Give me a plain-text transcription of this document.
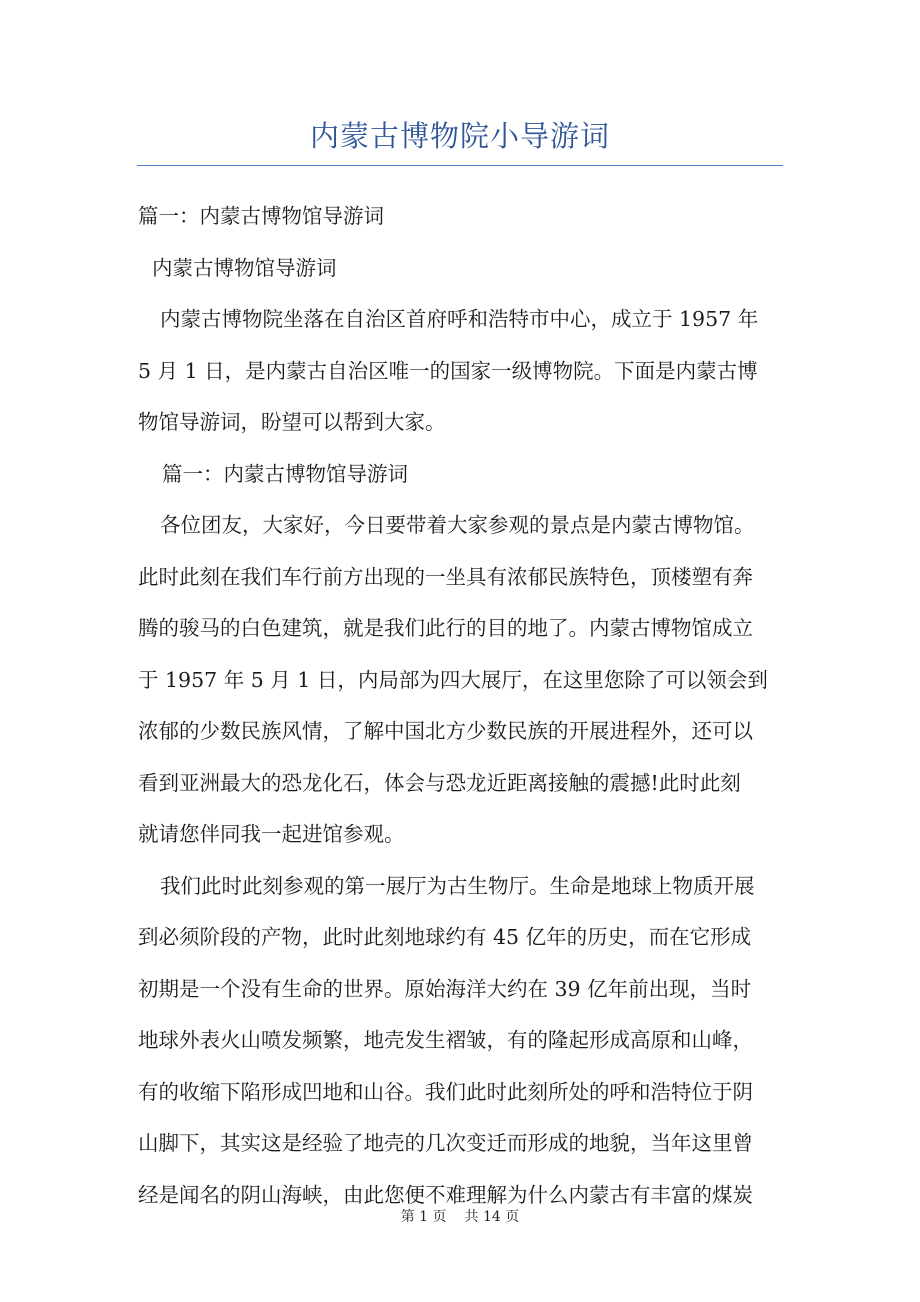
内蒙古博物院小导游词
篇一：内蒙古博物馆导游词
内蒙古博物馆导游词
内蒙古博物院坐落在自治区首府呼和浩特市中心，成立于 1957 年
5 月 1 日，是内蒙古自治区唯一的国家一级博物院。下面是内蒙古博
物馆导游词，盼望可以帮到大家。
篇一：内蒙古博物馆导游词
各位团友，大家好，今日要带着大家参观的景点是内蒙古博物馆。
此时此刻在我们车行前方出现的一坐具有浓郁民族特色，顶楼塑有奔
腾的骏马的白色建筑，就是我们此行的目的地了。内蒙古博物馆成立
于 1957 年 5 月 1 日，内局部为四大展厅，在这里您除了可以领会到
浓郁的少数民族风情，了解中国北方少数民族的开展进程外，还可以
看到亚洲最大的恐龙化石，体会与恐龙近距离接触的震撼!此时此刻
就请您伴同我一起进馆参观。
我们此时此刻参观的第一展厅为古生物厅。生命是地球上物质开展
到必须阶段的产物，此时此刻地球约有 45 亿年的历史，而在它形成
初期是一个没有生命的世界。原始海洋大约在 39 亿年前出现，当时
地球外表火山喷发频繁，地壳发生褶皱，有的隆起形成高原和山峰，
有的收缩下陷形成凹地和山谷。我们此时此刻所处的呼和浩特位于阴
山脚下，其实这是经验了地壳的几次变迁而形成的地貌，当年这里曾
经是闻名的阴山海峡，由此您便不难理解为什么内蒙古有丰富的煤炭
第 1 页 共 14 页
